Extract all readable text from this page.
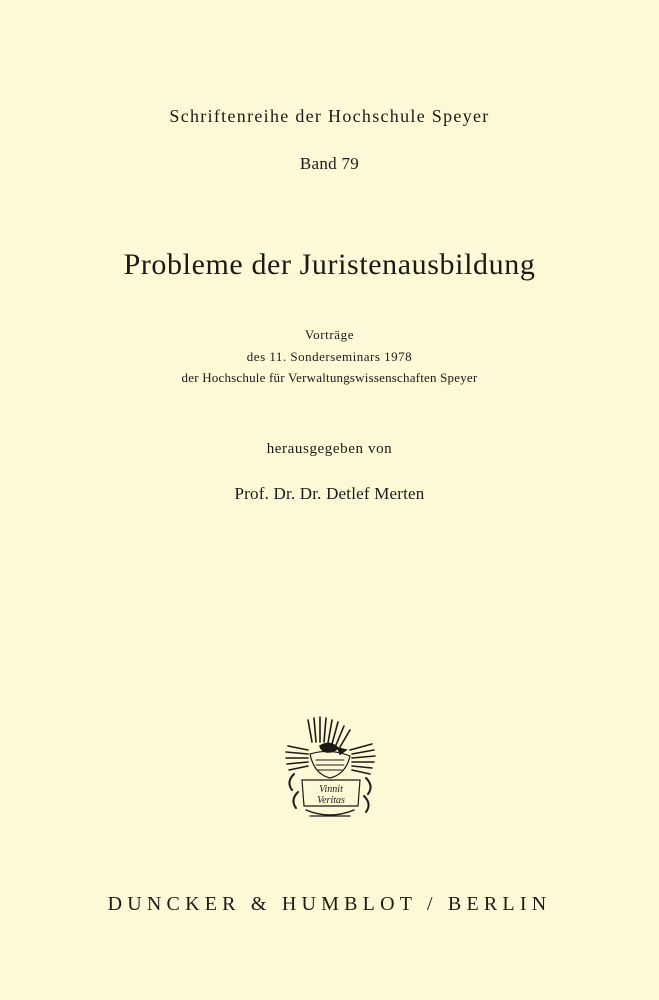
Schriftenreihe der Hochschule Speyer
Band 79
Probleme der Juristenausbildung
Vorträge
des 11. Sonderseminars 1978
der Hochschule für Verwaltungswissenschaften Speyer
herausgegeben von
Prof. Dr. Dr. Detlef Merten
Vinnit
Veritas
DUNCKER & HUMBLOT / BERLIN
